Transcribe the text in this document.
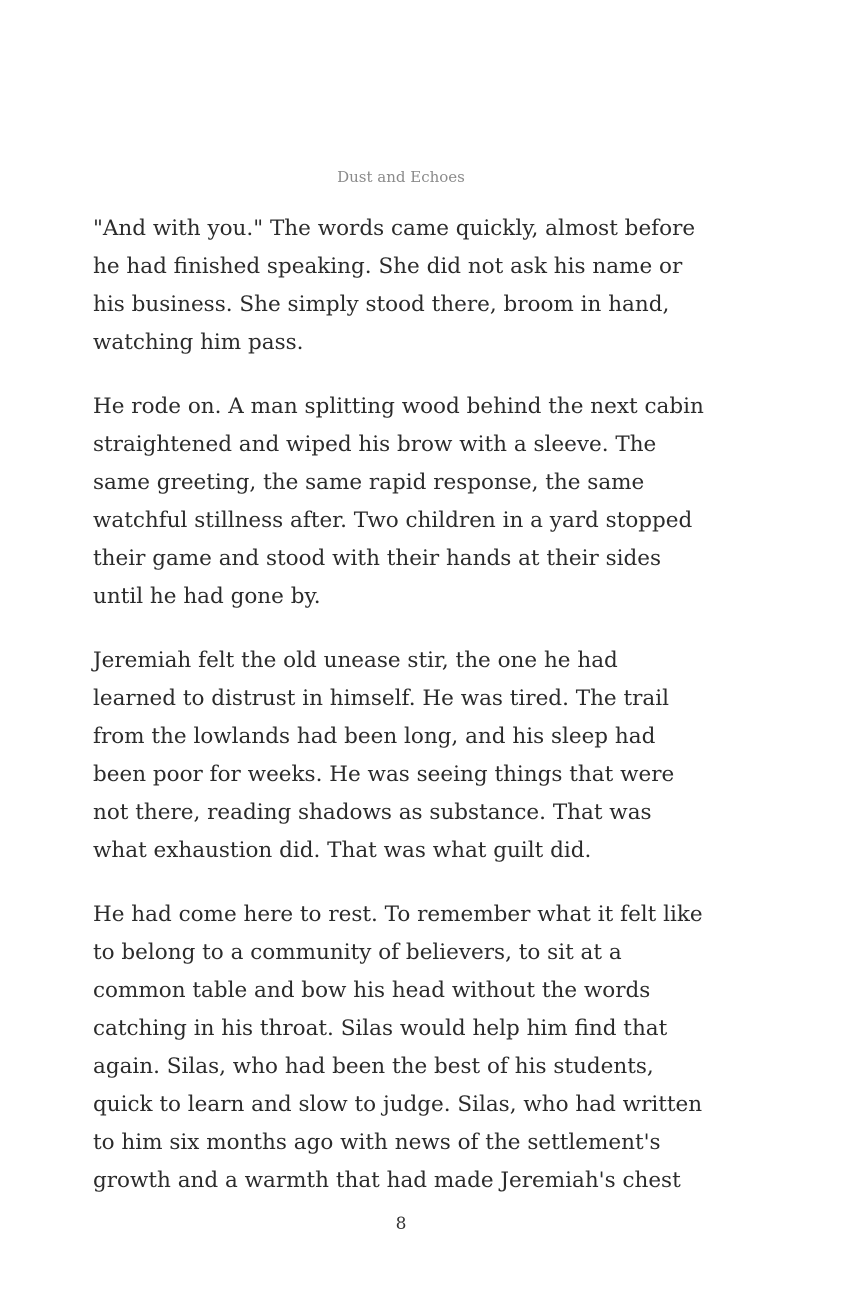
Dust and Echoes

"And with you." The words came quickly, almost before
he had finished speaking. She did not ask his name or
his business. She simply stood there, broom in hand,
watching him pass.

He rode on. A man splitting wood behind the next cabin
straightened and wiped his brow with a sleeve. The
same greeting, the same rapid response, the same
watchful stillness after. Two children in a yard stopped
their game and stood with their hands at their sides
until he had gone by.

Jeremiah felt the old unease stir, the one he had
learned to distrust in himself. He was tired. The trail
from the lowlands had been long, and his sleep had
been poor for weeks. He was seeing things that were
not there, reading shadows as substance. That was
what exhaustion did. That was what guilt did.

He had come here to rest. To remember what it felt like
to belong to a community of believers, to sit at a
common table and bow his head without the words
catching in his throat. Silas would help him find that
again. Silas, who had been the best of his students,
quick to learn and slow to judge. Silas, who had written
to him six months ago with news of the settlement's
growth and a warmth that had made Jeremiah's chest

8
